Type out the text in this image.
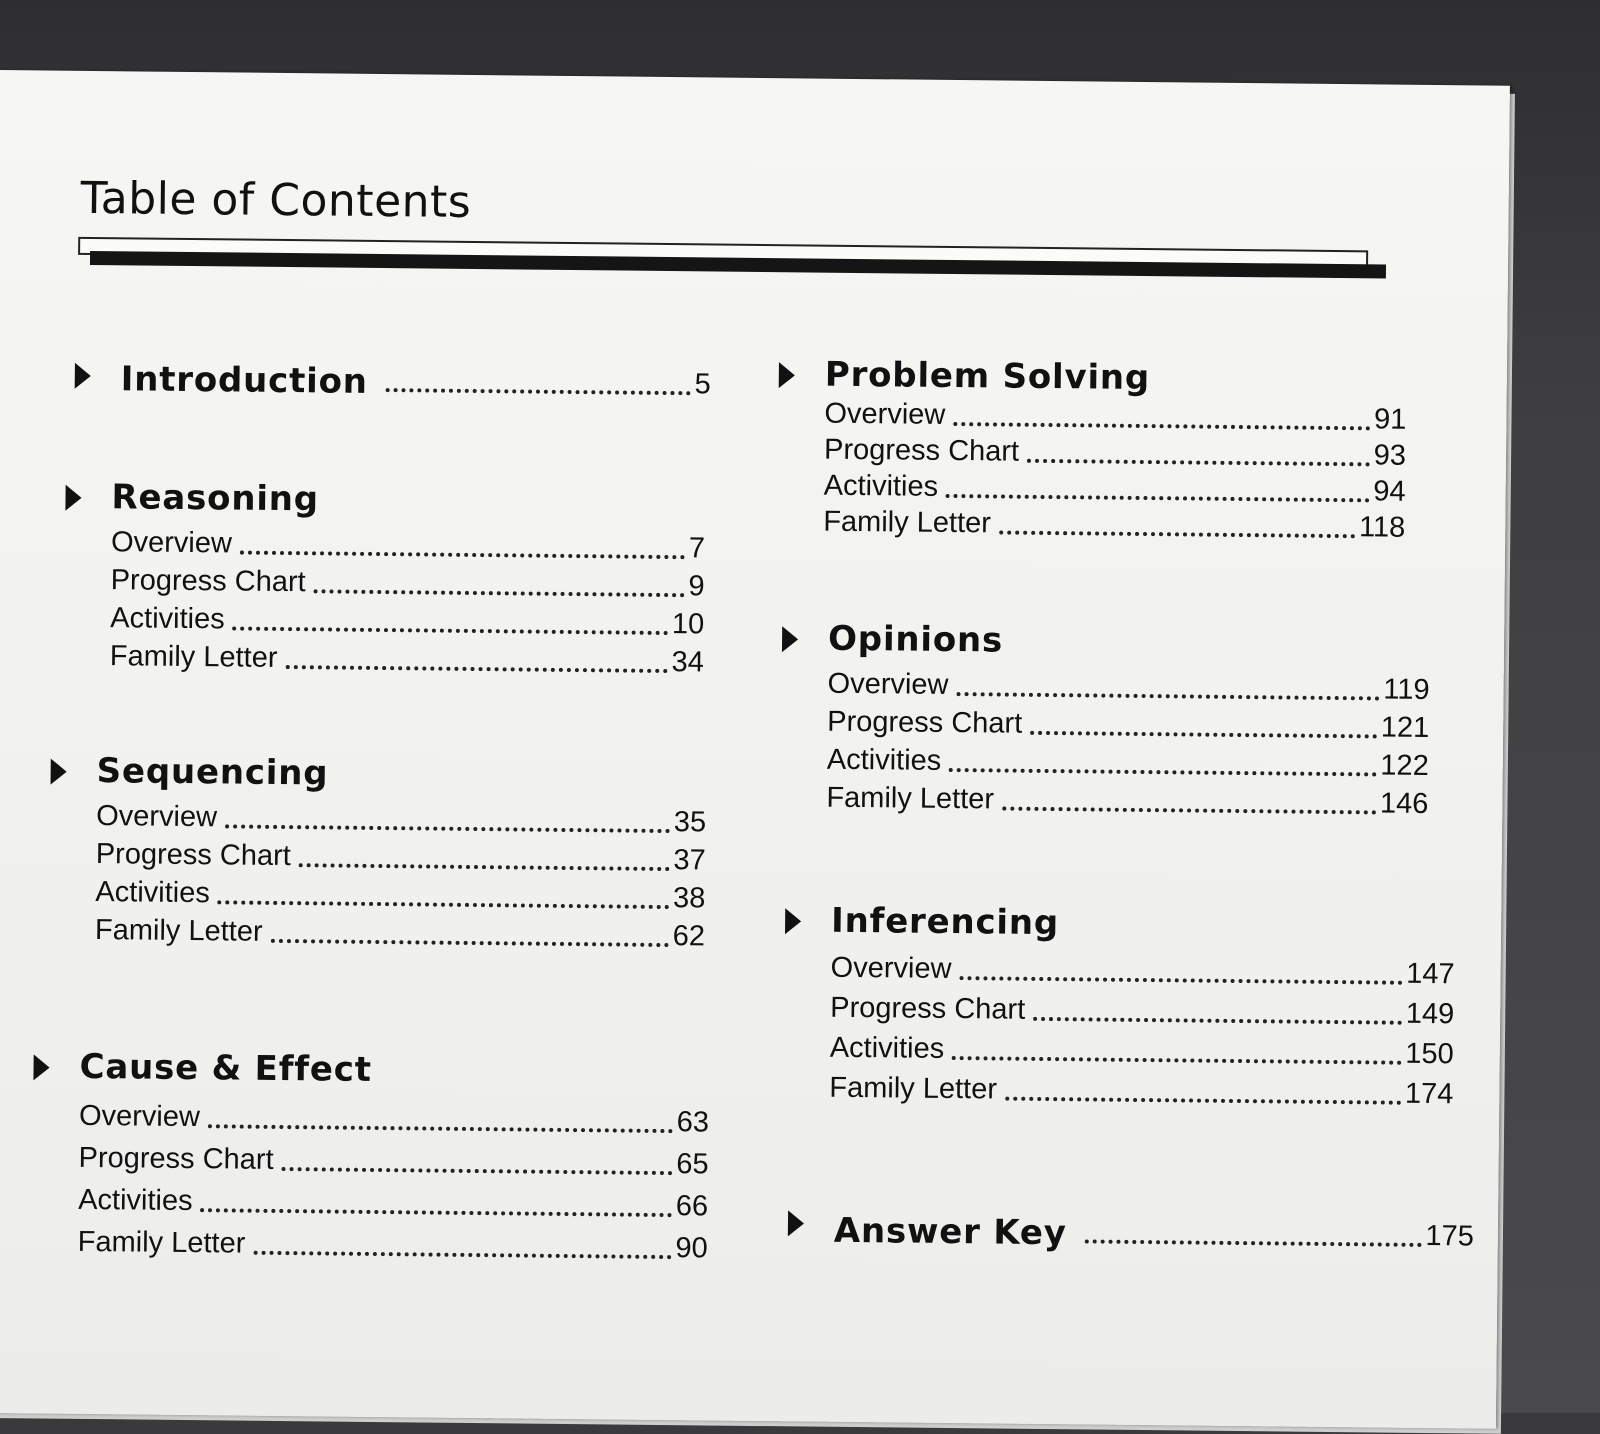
Table of Contents
Introduction	5
Reasoning
Overview	7
Progress Chart	9
Activities	10
Family Letter	34
Sequencing
Overview	35
Progress Chart	37
Activities	38
Family Letter	62
Cause & Effect
Overview	63
Progress Chart	65
Activities	66
Family Letter	90
Problem Solving
Overview	91
Progress Chart	93
Activities	94
Family Letter	118
Opinions
Overview	119
Progress Chart	121
Activities	122
Family Letter	146
Inferencing
Overview	147
Progress Chart	149
Activities	150
Family Letter	174
Answer Key	175
